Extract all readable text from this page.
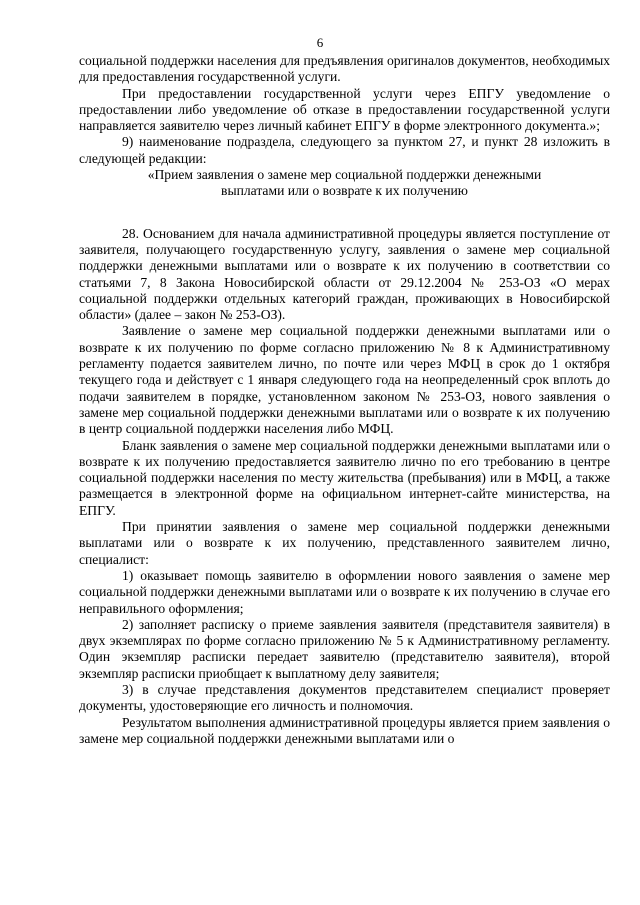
6

социальной поддержки населения для предъявления оригиналов документов, необходимых для предоставления государственной услуги.

При предоставлении государственной услуги через ЕПГУ уведомление о предоставлении либо уведомление об отказе в предоставлении государственной услуги направляется заявителю через личный кабинет ЕПГУ в форме электронного документа.»;

9) наименование подраздела, следующего за пунктом 27, и пункт 28 изложить в следующей редакции:

«Прием заявления о замене мер социальной поддержки денежными выплатами или о возврате к их получению

28. Основанием для начала административной процедуры является поступление от заявителя, получающего государственную услугу, заявления о замене мер социальной поддержки денежными выплатами или о возврате к их получению в соответствии со статьями 7, 8 Закона Новосибирской области от 29.12.2004 № 253-ОЗ «О мерах социальной поддержки отдельных категорий граждан, проживающих в Новосибирской области» (далее – закон № 253-ОЗ).

Заявление о замене мер социальной поддержки денежными выплатами или о возврате к их получению по форме согласно приложению № 8 к Административному регламенту подается заявителем лично, по почте или через МФЦ в срок до 1 октября текущего года и действует с 1 января следующего года на неопределенный срок вплоть до подачи заявителем в порядке, установленном законом № 253-ОЗ, нового заявления о замене мер социальной поддержки денежными выплатами или о возврате к их получению в центр социальной поддержки населения либо МФЦ.

Бланк заявления о замене мер социальной поддержки денежными выплатами или о возврате к их получению предоставляется заявителю лично по его требованию в центре социальной поддержки населения по месту жительства (пребывания) или в МФЦ, а также размещается в электронной форме на официальном интернет-сайте министерства, на ЕПГУ.

При принятии заявления о замене мер социальной поддержки денежными выплатами или о возврате к их получению, представленного заявителем лично, специалист:

1) оказывает помощь заявителю в оформлении нового заявления о замене мер социальной поддержки денежными выплатами или о возврате к их получению в случае его неправильного оформления;

2) заполняет расписку о приеме заявления заявителя (представителя заявителя) в двух экземплярах по форме согласно приложению № 5 к Административному регламенту. Один экземпляр расписки передает заявителю (представителю заявителя), второй экземпляр расписки приобщает к выплатному делу заявителя;

3) в случае представления документов представителем специалист проверяет документы, удостоверяющие его личность и полномочия.

Результатом выполнения административной процедуры является прием заявления о замене мер социальной поддержки денежными выплатами или о
